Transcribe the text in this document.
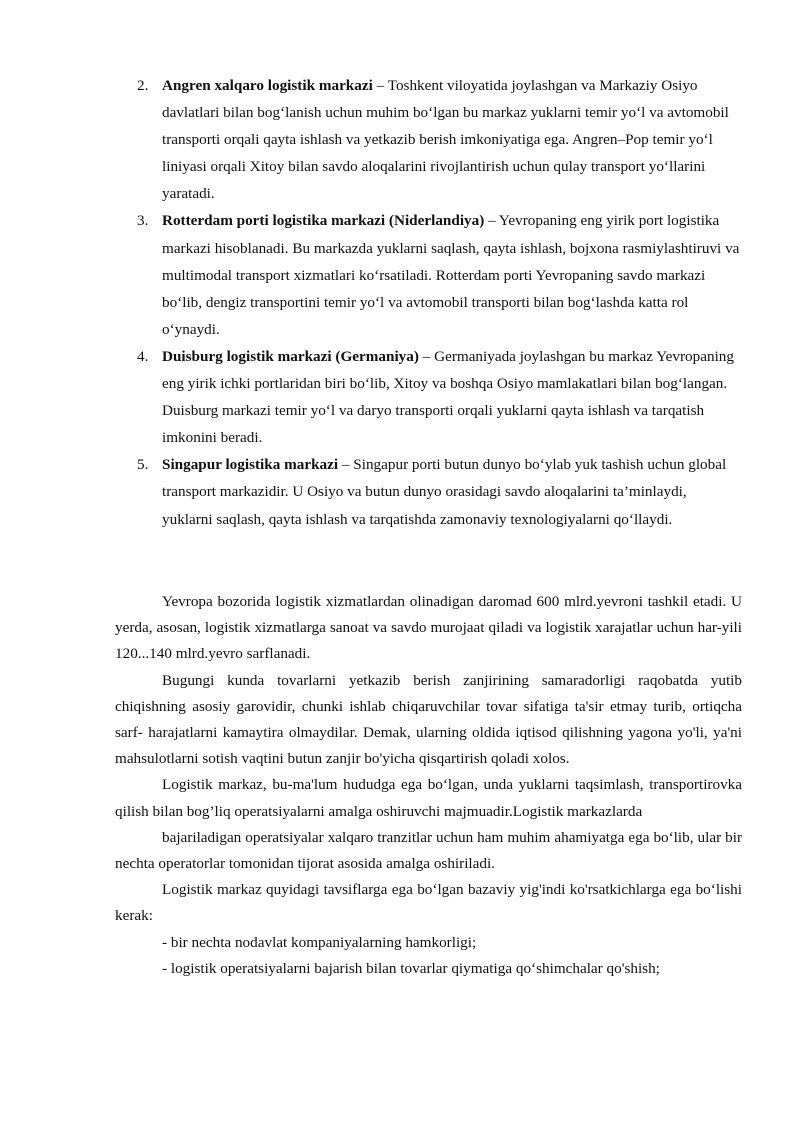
2. Angren xalqaro logistik markazi – Toshkent viloyatida joylashgan va Markaziy Osiyo davlatlari bilan bog‘lanish uchun muhim bo‘lgan bu markaz yuklarni temir yo‘l va avtomobil transporti orqali qayta ishlash va yetkazib berish imkoniyatiga ega. Angren–Pop temir yo‘l liniyasi orqali Xitoy bilan savdo aloqalarini rivojlantirish uchun qulay transport yo‘llarini yaratadi.
3. Rotterdam porti logistika markazi (Niderlandiya) – Yevropaning eng yirik port logistika markazi hisoblanadi. Bu markazda yuklarni saqlash, qayta ishlash, bojxona rasmiylashtiruvi va multimodal transport xizmatlari ko‘rsatiladi. Rotterdam porti Yevropaning savdo markazi bo‘lib, dengiz transportini temir yo‘l va avtomobil transporti bilan bog‘lashda katta rol o‘ynaydi.
4. Duisburg logistik markazi (Germaniya) – Germaniyada joylashgan bu markaz Yevropaning eng yirik ichki portlaridan biri bo‘lib, Xitoy va boshqa Osiyo mamlakatlari bilan bog‘langan. Duisburg markazi temir yo‘l va daryo transporti orqali yuklarni qayta ishlash va tarqatish imkonini beradi.
5. Singapur logistika markazi – Singapur porti butun dunyo bo‘ylab yuk tashish uchun global transport markazidir. U Osiyo va butun dunyo orasidagi savdo aloqalarini ta’minlaydi, yuklarni saqlash, qayta ishlash va tarqatishda zamonaviy texnologiyalarni qo‘llaydi.

Yevropa bozorida logistik xizmatlardan olinadigan daromad 600 mlrd.yevroni tashkil etadi. U yerda, asosan, logistik xizmatlarga sanoat va savdo murojaat qiladi va logistik xarajatlar uchun har-yili 120...140 mlrd.yevro sarflanadi.

Bugungi kunda tovarlarni yetkazib berish zanjirining samaradorligi raqobatda yutib chiqishning asosiy garovidir, chunki ishlab chiqaruvchilar tovar sifatiga ta'sir etmay turib, ortiqcha sarf- harajatlarni kamaytira olmaydilar. Demak, ularning oldida iqtisod qilishning yagona yo'li, ya'ni mahsulotlarni sotish vaqtini butun zanjir bo'yicha qisqartirish qoladi xolos.

Logistik markaz, bu-ma'lum hududga ega bo‘lgan, unda yuklarni taqsimlash, transportirovka qilish bilan bog’liq operatsiyalarni amalga oshiruvchi majmuadir.Logistik markazlarda

bajariladigan operatsiyalar xalqaro tranzitlar uchun ham muhim ahamiyatga ega bo‘lib, ular bir nechta operatorlar tomonidan tijorat asosida amalga oshiriladi.

Logistik markaz quyidagi tavsiflarga ega bo‘lgan bazaviy yig'indi ko'rsatkichlarga ega bo‘lishi kerak:

- bir nechta nodavlat kompaniyalarning hamkorligi;

- logistik operatsiyalarni bajarish bilan tovarlar qiymatiga qo‘shimchalar qo'shish;
